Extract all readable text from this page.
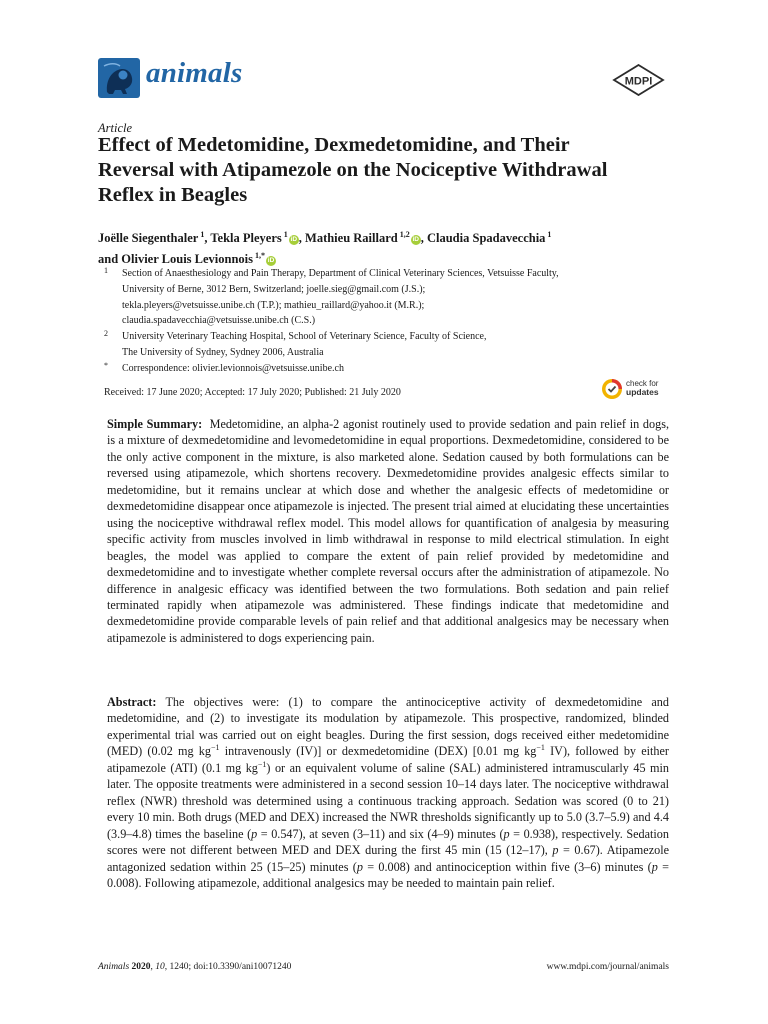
animals	MDPI
Article
Effect of Medetomidine, Dexmedetomidine, and Their Reversal with Atipamezole on the Nociceptive Withdrawal Reflex in Beagles
Joëlle Siegenthaler $^1$, Tekla Pleyers $^1$iD , Mathieu Raillard $^{1,2}$iD , Claudia Spadavecchia $^1$
and Olivier Louis Levionnois $^{1,*}$iD
1 Section of Anaesthesiology and Pain Therapy, Department of Clinical Veterinary Sciences, Vetsuisse Faculty,
University of Berne, 3012 Bern, Switzerland; joelle.sieg@gmail.com (J.S.);
tekla.pleyers@vetsuisse.unibe.ch (T.P.); mathieu_raillard@yahoo.it (M.R.);
claudia.spadavecchia@vetsuisse.unibe.ch (C.S.)
2 University Veterinary Teaching Hospital, School of Veterinary Science, Faculty of Science,
The University of Sydney, Sydney 2006, Australia
* Correspondence: olivier.levionnois@vetsuisse.unibe.ch
Received: 17 June 2020; Accepted: 17 July 2020; Published: 21 July 2020
check for
updates
Simple Summary: Medetomidine, an alpha-2 agonist routinely used to provide sedation and pain relief in dogs, is a mixture of dexmedetomidine and levomedetomidine in equal proportions. Dexmedetomidine, considered to be the only active component in the mixture, is also marketed alone. Sedation caused by both formulations can be reversed using atipamezole, which shortens recovery. Dexmedetomidine provides analgesic effects similar to medetomidine, but it remains unclear at which dose and whether the analgesic effects of medetomidine or dexmedetomidine disappear once atipamezole is injected. The present trial aimed at elucidating these uncertainties using the nociceptive withdrawal reflex model. This model allows for quantification of analgesia by measuring specific activity from muscles involved in limb withdrawal in response to mild electrical stimulation. In eight beagles, the model was applied to compare the extent of pain relief provided by medetomidine and dexmedetomidine and to investigate whether complete reversal occurs after the administration of atipamezole. No difference in analgesic efficacy was identified between the two formulations. Both sedation and pain relief terminated rapidly when atipamezole was administered. These findings indicate that medetomidine and dexmedetomidine provide comparable levels of pain relief and that additional analgesics may be necessary when atipamezole is administered to dogs experiencing pain.
Abstract: The objectives were: (1) to compare the antinociceptive activity of dexmedetomidine and medetomidine, and (2) to investigate its modulation by atipamezole. This prospective, randomized, blinded experimental trial was carried out on eight beagles. During the first session, dogs received either medetomidine (MED) (0.02 mg $kg^{-1}$ intravenously (IV)] or dexmedetomidine (DEX) [0.01 mg $kg^{-1}$ IV), followed by either atipamezole (ATI) (0.1 mg $kg^{-1}$) or an equivalent volume of saline (SAL) administered intramuscularly 45 min later. The opposite treatments were administered in a second session 10–14 days later. The nociceptive withdrawal reflex (NWR) threshold was determined using a continuous tracking approach. Sedation was scored (0 to 21) every 10 min. Both drugs (MED and DEX) increased the NWR thresholds significantly up to 5.0 (3.7–5.9) and 4.4 (3.9–4.8) times the baseline (p = 0.547), at seven (3–11) and six (4–9) minutes (p = 0.938), respectively. Sedation scores were not different between MED and DEX during the first 45 min (15 (12–17), p = 0.67). Atipamezole antagonized sedation within 25 (15–25) minutes (p = 0.008) and antinociception within five (3–6) minutes (p = 0.008). Following atipamezole, additional analgesics may be needed to maintain pain relief.
Animals 2020, 10, 1240; doi:10.3390/ani10071240	www.mdpi.com/journal/animals
